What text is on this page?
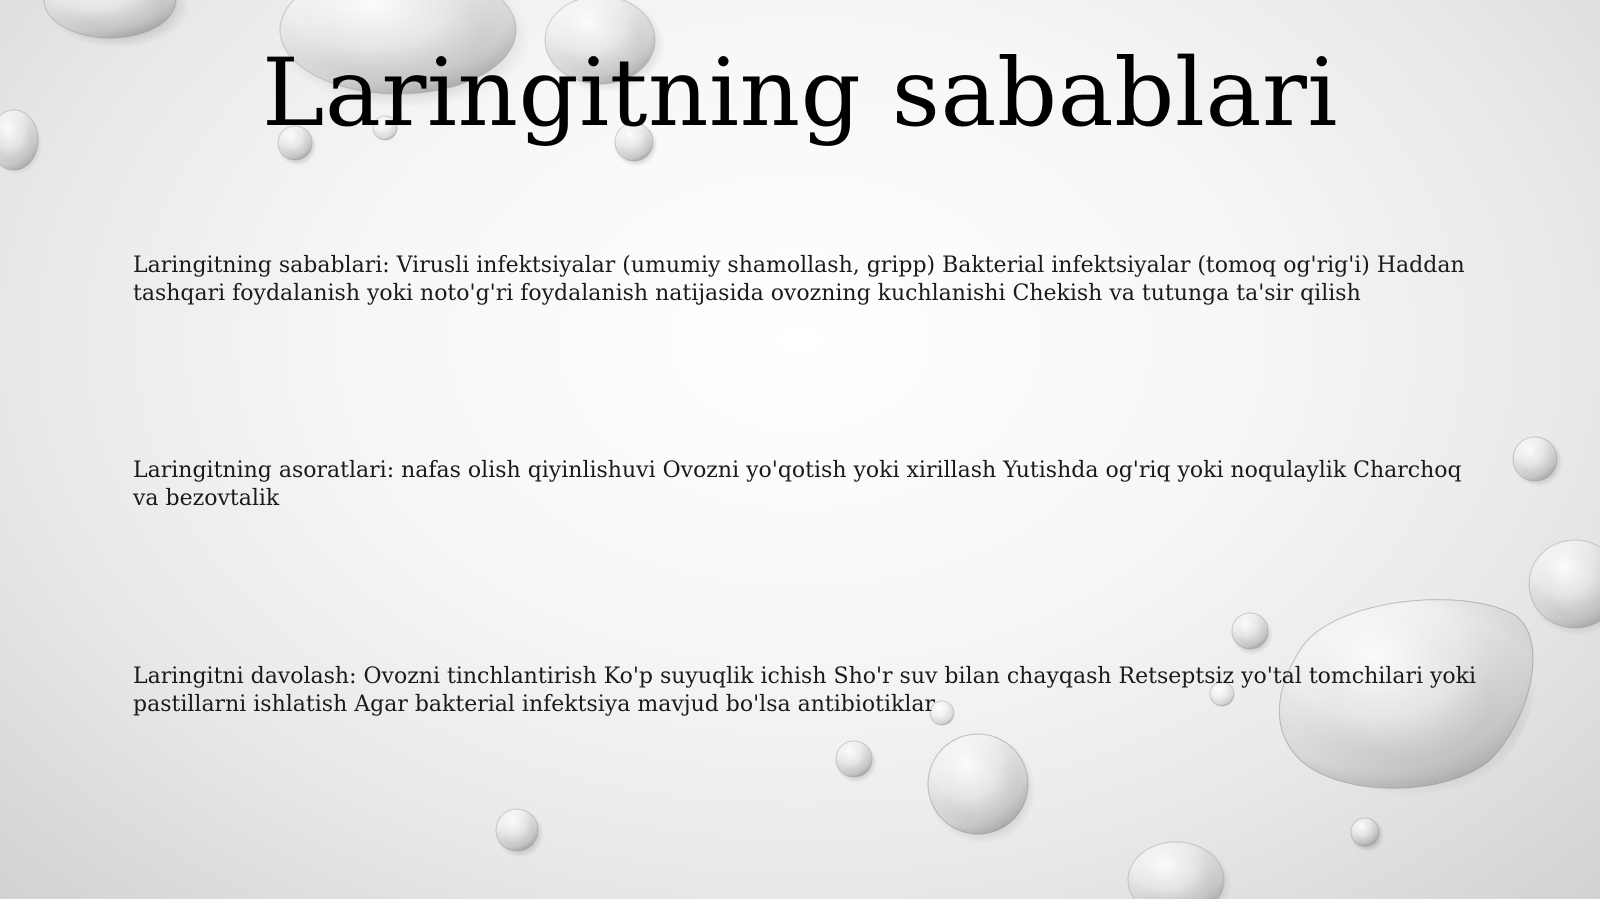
Laringitning sabablari

Laringitning sabablari: Virusli infektsiyalar (umumiy shamollash, gripp) Bakterial infektsiyalar (tomoq og'rig'i) Haddan tashqari foydalanish yoki noto'g'ri foydalanish natijasida ovozning kuchlanishi Chekish va tutunga ta'sir qilish

Laringitning asoratlari: nafas olish qiyinlishuvi Ovozni yo'qotish yoki xirillash Yutishda og'riq yoki noqulaylik Charchoq va bezovtalik

Laringitni davolash: Ovozni tinchlantirish Ko'p suyuqlik ichish Sho'r suv bilan chayqash Retseptsiz yo'tal tomchilari yoki pastillarni ishlatish Agar bakterial infektsiya mavjud bo'lsa antibiotiklar
